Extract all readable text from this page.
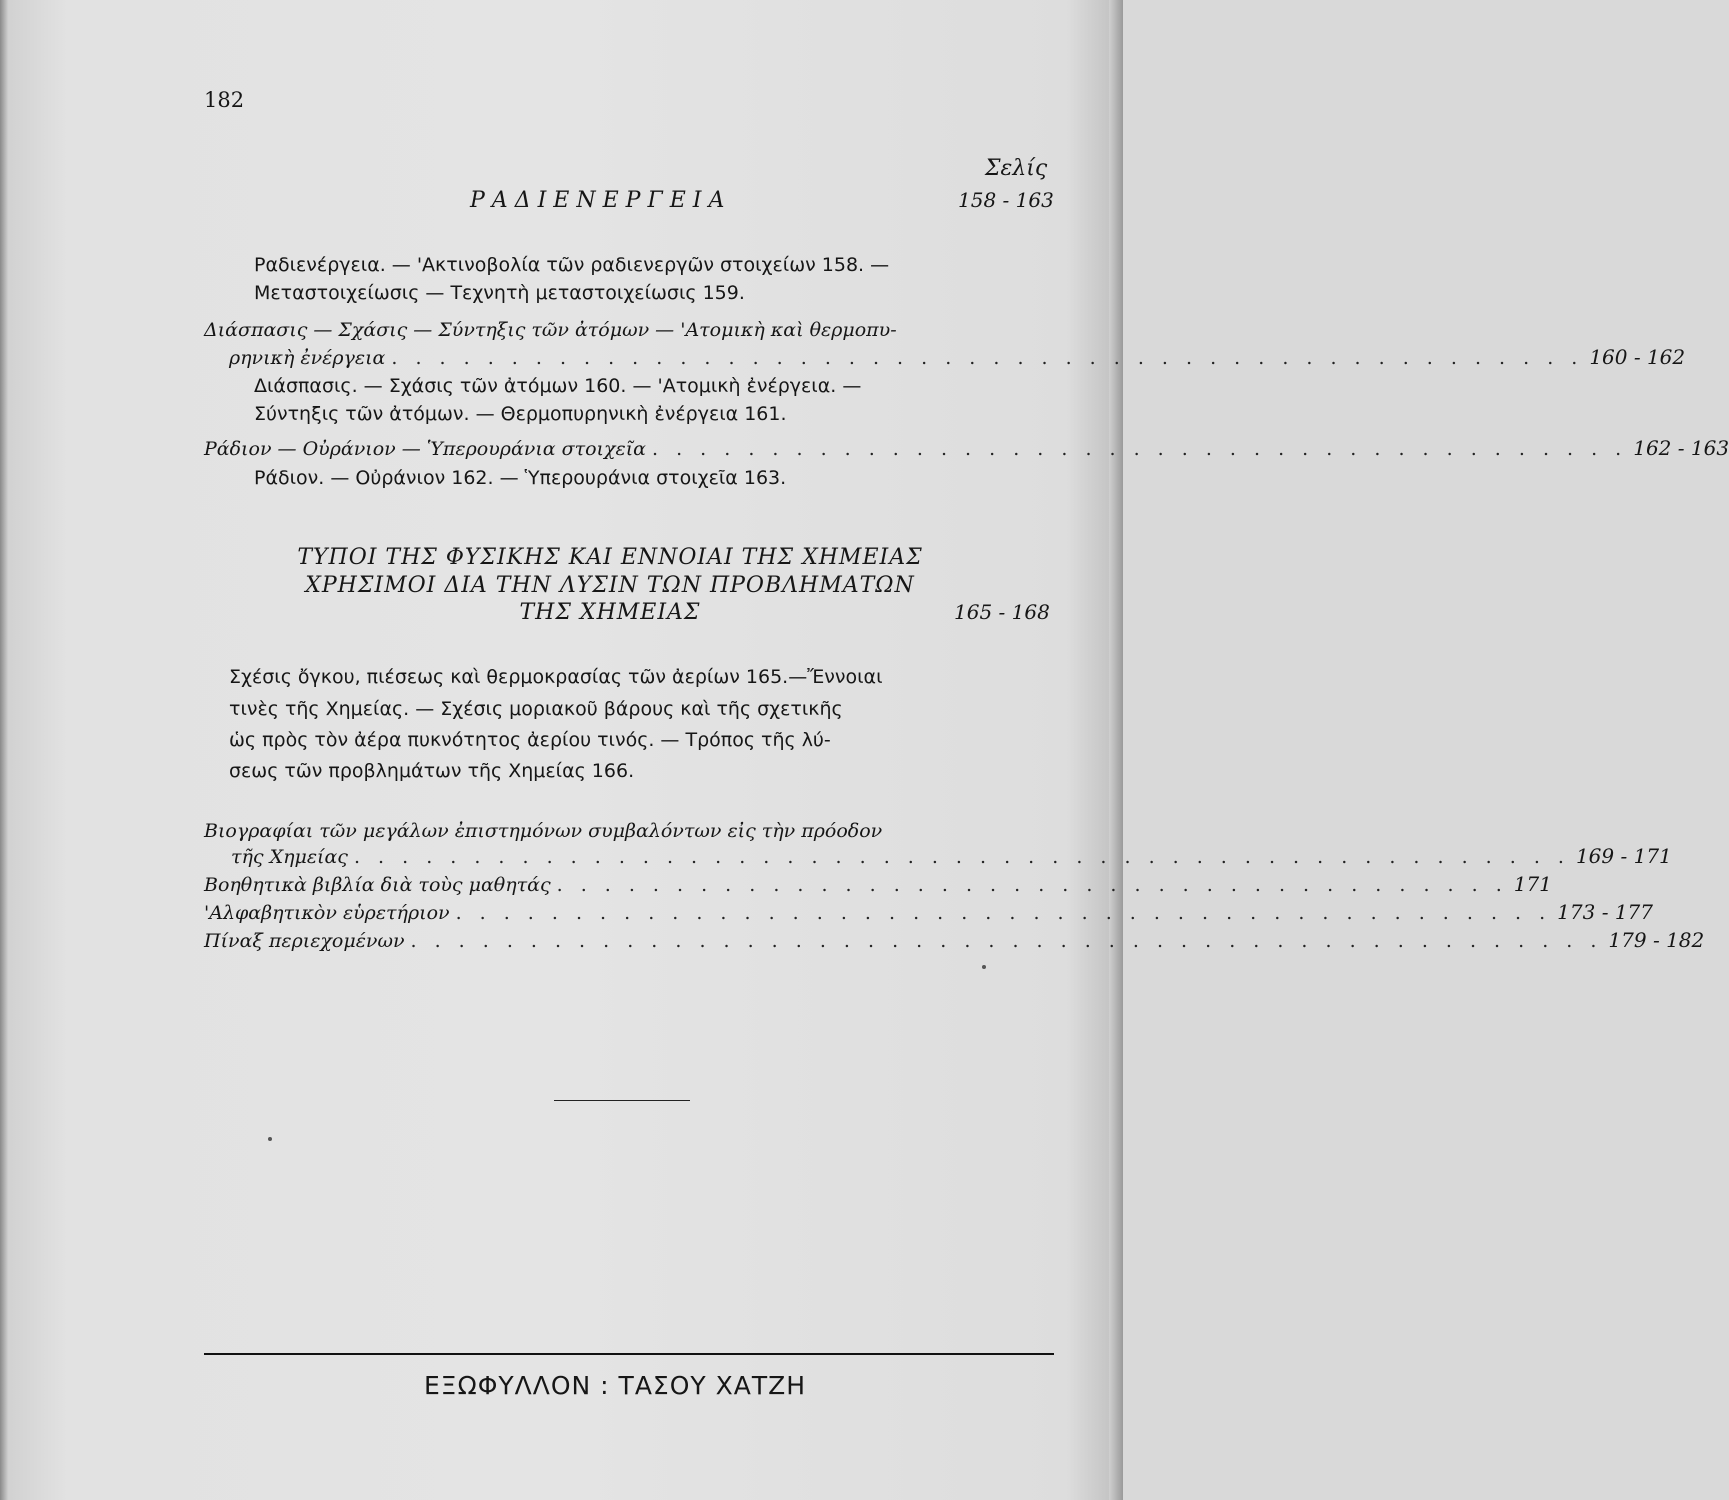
182
Σελίς
ΡΑΔΙΕΝΕΡΓΕΙΑ	158 - 163
Ραδιενέργεια. — 'Ακτινοβολία τῶν ραδιενεργῶν στοιχείων 158. —
Μεταστοιχείωσις — Τεχνητὴ μεταστοιχείωσις 159.
Διάσπασις — Σχάσις — Σύντηξις τῶν ἀτόμων — 'Ατομικὴ καὶ θερμοπυ-
ρηνικὴ ἐνέργεια . . . . . . . . . . . . . . . . . . . . . . . . . . . . . . . . . . . . . . . . . . . . . . . . . . 160 - 162
Διάσπασις. — Σχάσις τῶν ἀτόμων 160. — 'Ατομικὴ ἐνέργεια. —
Σύντηξις τῶν ἀτόμων. — Θερμοπυρηνικὴ ἐνέργεια 161.
Ράδιον — Οὐράνιον — Ὑπερουράνια στοιχεῖα . . . . . . . . . . . . . . . . . . . . . . . . . . . . . . . . . . . . . . . . . 162 - 163
Ράδιον. — Οὐράνιον 162. — Ὑπερουράνια στοιχεῖα 163.
ΤΥΠΟΙ ΤΗΣ ΦΥΣΙΚΗΣ ΚΑΙ ΕΝΝΟΙΑΙ ΤΗΣ ΧΗΜΕΙΑΣ
ΧΡΗΣΙΜΟΙ ΔΙΑ ΤΗΝ ΛΥΣΙΝ ΤΩΝ ΠΡΟΒΛΗΜΑΤΩΝ
ΤΗΣ ΧΗΜΕΙΑΣ	165 - 168
Σχέσις ὄγκου, πιέσεως καὶ θερμοκρασίας τῶν ἀερίων 165.—Ἔννοιαι
τινὲς τῆς Χημείας. — Σχέσις μοριακοῦ βάρους καὶ τῆς σχετικῆς
ὡς πρὸς τὸν ἀέρα πυκνότητος ἀερίου τινός. — Τρόπος τῆς λύ-
σεως τῶν προβλημάτων τῆς Χημείας 166.
Βιογραφίαι τῶν μεγάλων ἐπιστημόνων συμβαλόντων εἰς τὴν πρόοδον
τῆς Χημείας . . . . . . . . . . . . . . . . . . . . . . . . . . . . . . . . . . . . . . . . . . . . . . . . . . . 169 - 171
Βοηθητικὰ βιβλία διὰ τοὺς μαθητάς . . . . . . . . . . . . . . . . . . . . . . . . . . . . . . . . . . . . . . . . 171
'Αλφαβητικὸν εὑρετήριον . . . . . . . . . . . . . . . . . . . . . . . . . . . . . . . . . . . . . . . . . . . . . . 173 - 177
Πίναξ περιεχομένων . . . . . . . . . . . . . . . . . . . . . . . . . . . . . . . . . . . . . . . . . . . . . . . . . . 179 - 182
ΕΞΩΦΥΛΛΟΝ : ΤΑΣΟΥ ΧΑΤΖΗ
